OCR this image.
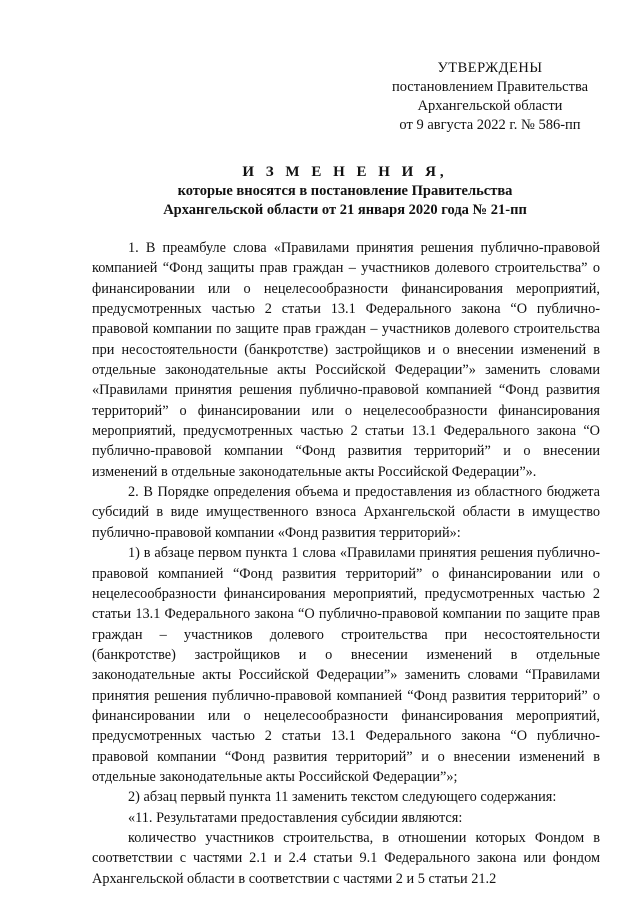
УТВЕРЖДЕНЫ
постановлением Правительства
Архангельской области
от 9 августа 2022 г. № 586-пп
И З М Е Н Е Н И Я,
которые вносятся в постановление Правительства
Архангельской области от 21 января 2020 года № 21-пп

1. В преамбуле слова «Правилами принятия решения публично-правовой компанией “Фонд защиты прав граждан – участников долевого строительства” о финансировании или о нецелесообразности финансирования мероприятий, предусмотренных частью 2 статьи 13.1 Федерального закона “О публично-правовой компании по защите прав граждан – участников долевого строительства при несостоятельности (банкротстве) застройщиков и о внесении изменений в отдельные законодательные акты Российской Федерации”» заменить словами «Правилами принятия решения публично-правовой компанией “Фонд развития территорий” о финансировании или о нецелесообразности финансирования мероприятий, предусмотренных частью 2 статьи 13.1 Федерального закона “О публично-правовой компании “Фонд развития территорий” и о внесении изменений в отдельные законодательные акты Российской Федерации”».

2. В Порядке определения объема и предоставления из областного бюджета субсидий в виде имущественного взноса Архангельской области в имущество публично-правовой компании «Фонд развития территорий»:

1) в абзаце первом пункта 1 слова «Правилами принятия решения публично-правовой компанией “Фонд развития территорий” о финансировании или о нецелесообразности финансирования мероприятий, предусмотренных частью 2 статьи 13.1 Федерального закона “О публично-правовой компании по защите прав граждан – участников долевого строительства при несостоятельности (банкротстве) застройщиков и о внесении изменений в отдельные законодательные акты Российской Федерации”» заменить словами “Правилами принятия решения публично-правовой компанией “Фонд развития территорий” о финансировании или о нецелесообразности финансирования мероприятий, предусмотренных частью 2 статьи 13.1 Федерального закона “О публично-правовой компании “Фонд развития территорий” и о внесении изменений в отдельные законодательные акты Российской Федерации”»;

2) абзац первый пункта 11 заменить текстом следующего содержания:

«11. Результатами предоставления субсидии являются:

количество участников строительства, в отношении которых Фондом в соответствии с частями 2.1 и 2.4 статьи 9.1 Федерального закона или фондом Архангельской области в соответствии с частями 2 и 5 статьи 21.2
